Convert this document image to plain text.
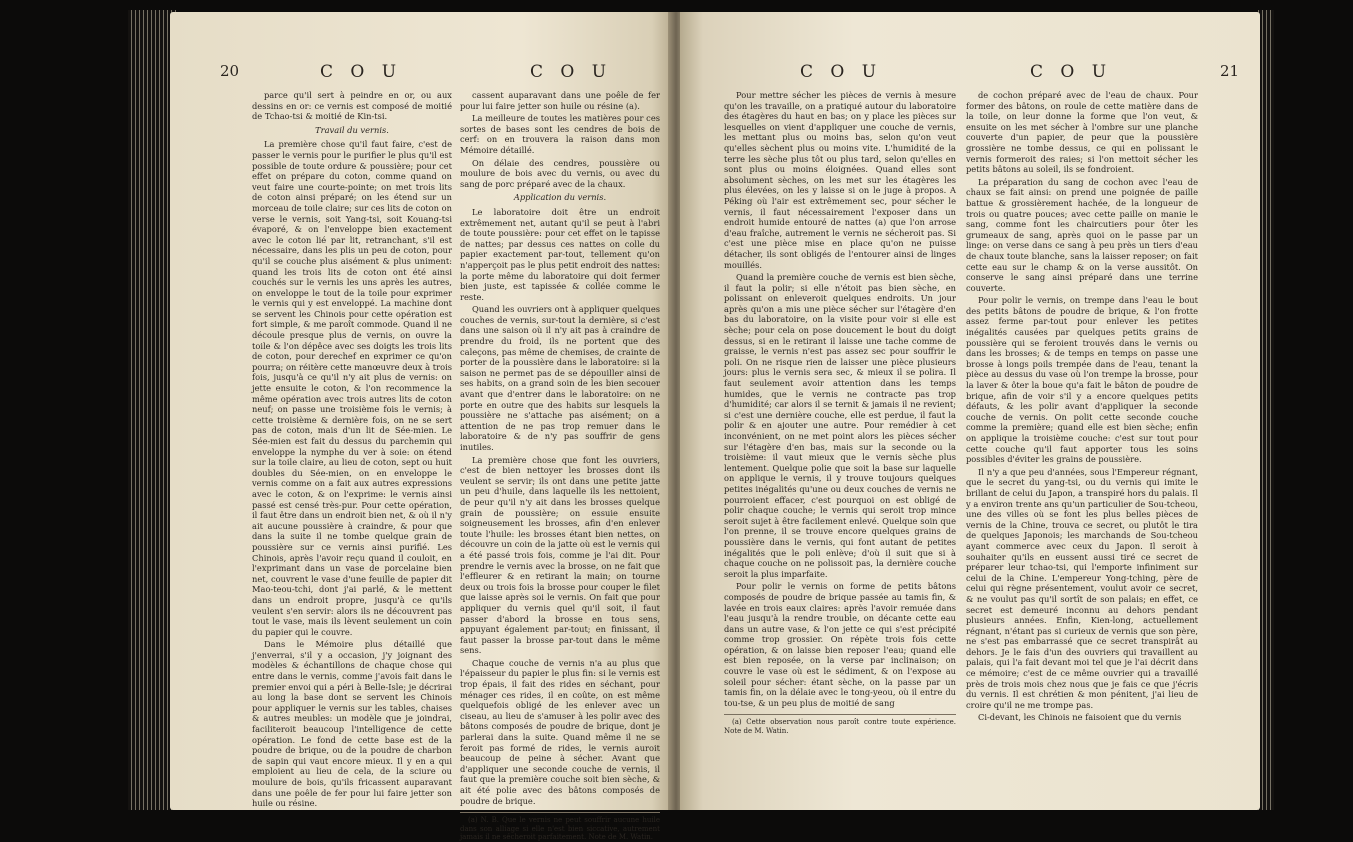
20	C O U	C O U

parce qu'il sert à peindre en or, ou aux dessins en or: ce vernis est composé de moitié de Tchao-tsi & moitié de Kin-tsi.

Travail du vernis.

La première chose qu'il faut faire, c'est de passer le vernis pour le purifier le plus qu'il est possible de toute ordure & poussière; pour cet effet on prépare du coton, comme quand on veut faire une courte-pointe; on met trois lits de coton ainsi préparé; on les étend sur un morceau de toile claire; sur ces lits de coton on verse le vernis, soit Yang-tsi, soit Kouang-tsi évaporé, & on l'enveloppe bien exactement avec le coton lié par lit, retranchant, s'il est nécessaire, dans les plis un peu de coton, pour qu'il se couche plus aisément & plus uniment: quand les trois lits de coton ont été ainsi couchés sur le vernis les uns après les autres, on enveloppe le tout de la toile pour exprimer le vernis qui y est enveloppé. La machine dont se servent les Chinois pour cette opération est fort simple, & me paroît commode. Quand il ne découle presque plus de vernis, on ouvre la toile & l'on dépêce avec ses doigts les trois lits de coton, pour derechef en exprimer ce qu'on pourra; on réitère cette manœuvre deux à trois fois, jusqu'à ce qu'il n'y ait plus de vernis: on jette ensuite le coton, & l'on recommence la même opération avec trois autres lits de coton neuf; on passe une troisième fois le vernis; à cette troisième & dernière fois, on ne se sert pas de coton, mais d'un lit de Sée-mien. Le Sée-mien est fait du dessus du parchemin qui enveloppe la nymphe du ver à soie: on étend sur la toile claire, au lieu de coton, sept ou huit doubles du Sée-mien, on en enveloppe le vernis comme on a fait aux autres expressions avec le coton, & on l'exprime: le vernis ainsi passé est censé très-pur. Pour cette opération, il faut être dans un endroit bien net, & où il n'y ait aucune poussière à craindre, & pour que dans la suite il ne tombe quelque grain de poussière sur ce vernis ainsi purifié. Les Chinois, après l'avoir reçu quand il couloit, en l'exprimant dans un vase de porcelaine bien net, couvrent le vase d'une feuille de papier dit Mao-teou-tchi, dont j'ai parlé, & le mettent dans un endroit propre, jusqu'à ce qu'ils veulent s'en servir: alors ils ne découvrent pas tout le vase, mais ils lèvent seulement un coin du papier qui le couvre.

Dans le Mémoire plus détaillé que j'enverrai, s'il y a occasion, j'y joignant des modèles & échantillons de chaque chose qui entre dans le vernis, comme j'avois fait dans le premier envoi qui a péri à Belle-Isle; je décrirai au long la base dont se servent les Chinois pour appliquer le vernis sur les tables, chaises & autres meubles: un modèle que je joindrai, faciliteroit beaucoup l'intelligence de cette opération. Le fond de cette base est de la poudre de brique, ou de la poudre de charbon de sapin qui vaut encore mieux. Il y en a qui emploient au lieu de cela, de la sciure ou moulure de bois, qu'ils fricassent auparavant dans une poêle de fer pour lui faire jetter son huile ou résine.

cassent auparavant dans une poêle de fer pour lui faire jetter son huile ou résine (a).

La meilleure de toutes les matières pour ces sortes de bases sont les cendres de bois de cerf: on en trouvera la raison dans mon Mémoire détaillé.

On délaie des cendres, poussière ou moulure de bois avec du vernis, ou avec du sang de porc préparé avec de la chaux.

Application du vernis.

Le laboratoire doit être un endroit extrêmement net, autant qu'il se peut à l'abri de toute poussière: pour cet effet on le tapisse de nattes; par dessus ces nattes on colle du papier exactement par-tout, tellement qu'on n'apperçoit pas le plus petit endroit des nattes: la porte même du laboratoire qui doit fermer bien juste, est tapissée & collée comme le reste.

Quand les ouvriers ont à appliquer quelques couches de vernis, sur-tout la dernière, si c'est dans une saison où il n'y ait pas à craindre de prendre du froid, ils ne portent que des caleçons, pas même de chemises, de crainte de porter de la poussière dans le laboratoire: si la saison ne permet pas de se dépouiller ainsi de ses habits, on a grand soin de les bien secouer avant que d'entrer dans le laboratoire: on ne porte en outre que des habits sur lesquels la poussière ne s'attache pas aisément; on a attention de ne pas trop remuer dans le laboratoire & de n'y pas souffrir de gens inutiles.

La première chose que font les ouvriers, c'est de bien nettoyer les brosses dont ils veulent se servir; ils ont dans une petite jatte un peu d'huile, dans laquelle ils les nettoient, de peur qu'il n'y ait dans les brosses quelque grain de poussière; on essuie ensuite soigneusement les brosses, afin d'en enlever toute l'huile: les brosses étant bien nettes, on découvre un coin de la jatte où est le vernis qui a été passé trois fois, comme je l'ai dit. Pour prendre le vernis avec la brosse, on ne fait que l'effleurer & en retirant la main; on tourne deux ou trois fois la brosse pour couper le filet que laisse après soi le vernis. On fait que pour appliquer du vernis quel qu'il soit, il faut passer d'abord la brosse en tous sens, appuyant également par-tout; en finissant, il faut passer la brosse par-tout dans le même sens.

Chaque couche de vernis n'a au plus que l'épaisseur du papier le plus fin: si le vernis est trop épais, il fait des rides en séchant, pour ménager ces rides, il en coûte, on est même quelquefois obligé de les enlever avec un ciseau, au lieu de s'amuser à les polir avec des bâtons composés de poudre de brique, dont je parlerai dans la suite. Quand même il ne se feroit pas formé de rides, le vernis auroit beaucoup de peine à sécher. Avant que d'appliquer une seconde couche de vernis, il faut que la première couche soit bien sèche, & ait été polie avec des bâtons composés de poudre de brique.

(a) N. B. Que le vernis ne peut souffrir aucune huile dans son alliage si elle n'est bien siccative, autrement jamais il ne sécheroit parfaitement. Note de M. Watin.

C O U	C O U	21

Pour mettre sécher les pièces de vernis à mesure qu'on les travaille, on a pratiqué autour du laboratoire des étagères du haut en bas; on y place les pièces sur lesquelles on vient d'appliquer une couche de vernis, les mettant plus ou moins bas, selon qu'on veut qu'elles sèchent plus ou moins vite. L'humidité de la terre les sèche plus tôt ou plus tard, selon qu'elles en sont plus ou moins éloignées. Quand elles sont absolument sèches, on les met sur les étagères les plus élevées, on les y laisse si on le juge à propos. A Péking où l'air est extrêmement sec, pour sécher le vernis, il faut nécessairement l'exposer dans un endroit humide entouré de nattes (a) que l'on arrose d'eau fraîche, autrement le vernis ne sécheroit pas. Si c'est une pièce mise en place qu'on ne puisse détacher, ils sont obligés de l'entourer ainsi de linges mouillés.

Quand la première couche de vernis est bien sèche, il faut la polir; si elle n'étoit pas bien sèche, en polissant on enleveroit quelques endroits. Un jour après qu'on a mis une pièce sécher sur l'étagère d'en bas du laboratoire, on la visite pour voir si elle est sèche; pour cela on pose doucement le bout du doigt dessus, si en le retirant il laisse une tache comme de graisse, le vernis n'est pas assez sec pour souffrir le poli. On ne risque rien de laisser une pièce plusieurs jours: plus le vernis sera sec, & mieux il se polira. Il faut seulement avoir attention dans les temps humides, que le vernis ne contracte pas trop d'humidité; car alors il se ternit & jamais il ne revient; si c'est une dernière couche, elle est perdue, il faut la polir & en ajouter une autre. Pour remédier à cet inconvénient, on ne met point alors les pièces sécher sur l'étagère d'en bas, mais sur la seconde ou la troisième: il vaut mieux que le vernis sèche plus lentement. Quelque polie que soit la base sur laquelle on applique le vernis, il y trouve toujours quelques petites inégalités qu'une ou deux couches de vernis ne pourroient effacer, c'est pourquoi on est obligé de polir chaque couche; le vernis qui seroit trop mince seroit sujet à être facilement enlevé. Quelque soin que l'on prenne, il se trouve encore quelques grains de poussière dans le vernis, qui font autant de petites inégalités que le poli enlève; d'où il suit que si à chaque couche on ne polissoit pas, la dernière couche seroit la plus imparfaite.

Pour polir le vernis on forme de petits bâtons composés de poudre de brique passée au tamis fin, & lavée en trois eaux claires: après l'avoir remuée dans l'eau jusqu'à la rendre trouble, on décante cette eau dans un autre vase, & l'on jette ce qui s'est précipité comme trop grossier. On répète trois fois cette opération, & on laisse bien reposer l'eau; quand elle est bien reposée, on la verse par inclinaison; on couvre le vase où est le sédiment, & on l'expose au soleil pour sécher: étant sèche, on la passe par un tamis fin, on la délaie avec le tong-yeou, où il entre du tou-tse, & un peu plus de moitié de sang

(a) Cette observation nous paroît contre toute expérience. Note de M. Watin.

de cochon préparé avec de l'eau de chaux. Pour former des bâtons, on roule de cette matière dans de la toile, on leur donne la forme que l'on veut, & ensuite on les met sécher à l'ombre sur une planche couverte d'un papier, de peur que la poussière grossière ne tombe dessus, ce qui en polissant le vernis formeroit des raies; si l'on mettoit sécher les petits bâtons au soleil, ils se fondroient.

La préparation du sang de cochon avec l'eau de chaux se fait ainsi: on prend une poignée de paille battue & grossièrement hachée, de la longueur de trois ou quatre pouces; avec cette paille on manie le sang, comme font les chaircutiers pour ôter les grumeaux de sang, après quoi on le passe par un linge: on verse dans ce sang à peu près un tiers d'eau de chaux toute blanche, sans la laisser reposer; on fait cette eau sur le champ & on la verse aussitôt. On conserve le sang ainsi préparé dans une terrine couverte.

Pour polir le vernis, on trempe dans l'eau le bout des petits bâtons de poudre de brique, & l'on frotte assez ferme par-tout pour enlever les petites inégalités causées par quelques petits grains de poussière qui se feroient trouvés dans le vernis ou dans les brosses; & de temps en temps on passe une brosse à longs poils trempée dans de l'eau, tenant la pièce au dessus du vase où l'on trempe la brosse, pour la laver & ôter la boue qu'a fait le bâton de poudre de brique, afin de voir s'il y a encore quelques petits défauts, & les polir avant d'appliquer la seconde couche de vernis. On polit cette seconde couche comme la première; quand elle est bien sèche; enfin on applique la troisième couche: c'est sur tout pour cette couche qu'il faut apporter tous les soins possibles d'éviter les grains de poussière.

Il n'y a que peu d'années, sous l'Empereur régnant, que le secret du yang-tsi, ou du vernis qui imite le brillant de celui du Japon, a transpiré hors du palais. Il y a environ trente ans qu'un particulier de Sou-tcheou, une des villes où se font les plus belles pièces de vernis de la Chine, trouva ce secret, ou plutôt le tira de quelques Japonois; les marchands de Sou-tcheou ayant commerce avec ceux du Japon. Il seroit à souhaiter qu'ils en eussent aussi tiré ce secret de préparer leur tchao-tsi, qui l'emporte infiniment sur celui de la Chine. L'empereur Yong-tching, père de celui qui règne présentement, voulut avoir ce secret, & ne voulut pas qu'il sortît de son palais; en effet, ce secret est demeuré inconnu au dehors pendant plusieurs années. Enfin, Kien-long, actuellement régnant, n'étant pas si curieux de vernis que son père, ne s'est pas embarrassé que ce secret transpirât au dehors. Je le fais d'un des ouvriers qui travaillent au palais, qui l'a fait devant moi tel que je l'ai décrit dans ce mémoire; c'est de ce même ouvrier qui a travaillé près de trois mois chez nous que je fais ce que j'écris du vernis. Il est chrétien & mon pénitent, j'ai lieu de croire qu'il ne me trompe pas.

Ci-devant, les Chinois ne faisoient que du vernis
